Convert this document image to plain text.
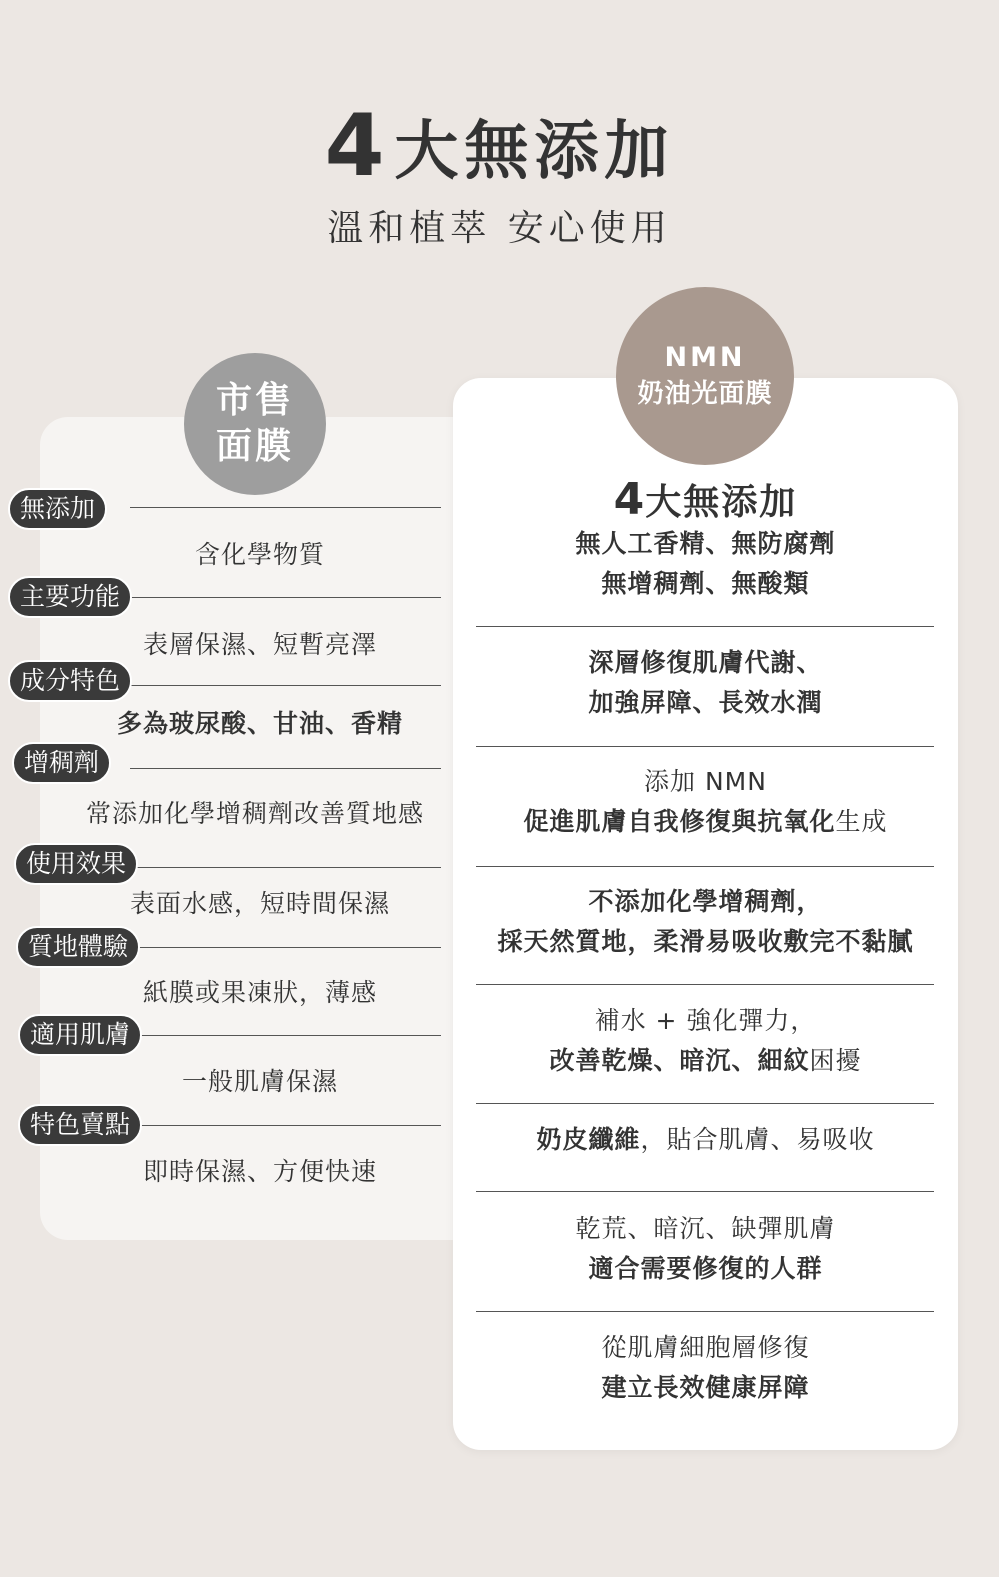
4 大無添加
溫和植萃 安心使用
市售
面膜
無添加
含化學物質
主要功能
表層保濕、短暫亮澤
成分特色
多為玻尿酸、甘油、香精
增稠劑
常添加化學增稠劑改善質地感
使用效果
表面水感，短時間保濕
質地體驗
紙膜或果凍狀，薄感
適用肌膚
一般肌膚保濕
特色賣點
即時保濕、方便快速
NMN
奶油光面膜
4大無添加
無人工香精、無防腐劑
無增稠劑、無酸類
深層修復肌膚代謝、
加強屏障、長效水潤
添加 NMN
促進肌膚自我修復與抗氧化生成
不添加化學增稠劑，
採天然質地，柔滑易吸收敷完不黏膩
補水 + 強化彈力，
改善乾燥、暗沉、細紋困擾
奶皮纖維，貼合肌膚、易吸收
乾荒、暗沉、缺彈肌膚
適合需要修復的人群
從肌膚細胞層修復
建立長效健康屏障
